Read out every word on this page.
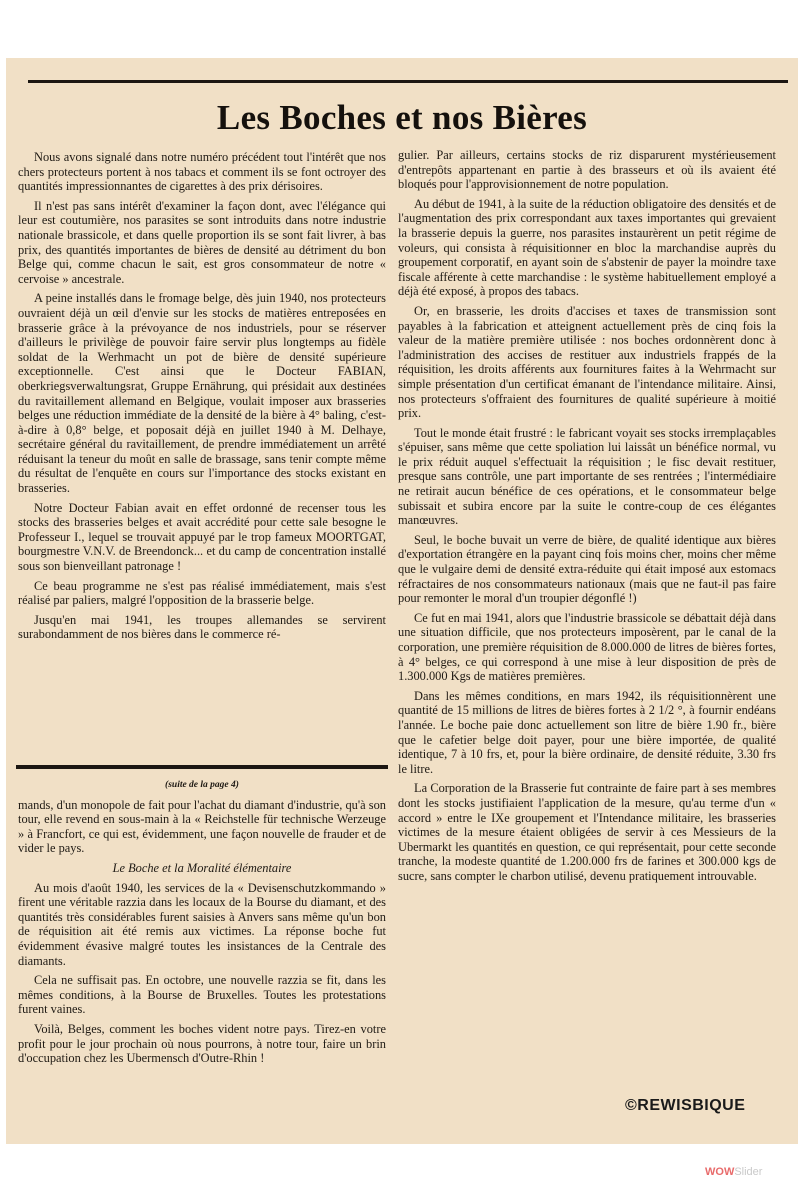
Les Boches et nos Bières

Nous avons signalé dans notre numéro précédent tout l'intérêt que nos chers protecteurs portent à nos tabacs et comment ils se font octroyer des quantités impressionnantes de cigarettes à des prix dérisoires.

Il n'est pas sans intérêt d'examiner la façon dont, avec l'élégance qui leur est coutumière, nos parasites se sont introduits dans notre industrie nationale brassicole, et dans quelle proportion ils se sont fait livrer, à bas prix, des quantités importantes de bières de densité au détriment du bon Belge qui, comme chacun le sait, est gros consommateur de notre « cervoise » ancestrale.

A peine installés dans le fromage belge, dès juin 1940, nos protecteurs ouvraient déjà un œil d'envie sur les stocks de matières entreposées en brasserie grâce à la prévoyance de nos industriels, pour se réserver d'ailleurs le privilège de pouvoir faire servir plus longtemps au fidèle soldat de la Werhmacht un pot de bière de densité supérieure exceptionnelle. C'est ainsi que le Docteur FABIAN, oberkriegsverwaltungsrat, Gruppe Ernährung, qui présidait aux destinées du ravitaillement allemand en Belgique, voulait imposer aux brasseries belges une réduction immédiate de la densité de la bière à 4° baling, c'est-à-dire à 0,8° belge, et poposait déjà en juillet 1940 à M. Delhaye, secrétaire général du ravitaillement, de prendre immédiatement un arrêté réduisant la teneur du moût en salle de brassage, sans tenir compte même du résultat de l'enquête en cours sur l'importance des stocks existant en brasseries.

Notre Docteur Fabian avait en effet ordonné de recenser tous les stocks des brasseries belges et avait accrédité pour cette sale besogne le Professeur I., lequel se trouvait appuyé par le trop fameux MOORTGAT, bourgmestre V.N.V. de Breendonck... et du camp de concentration installé sous son bienveillant patronage !

Ce beau programme ne s'est pas réalisé immédiatement, mais s'est réalisé par paliers, malgré l'opposition de la brasserie belge.

Jusqu'en mai 1941, les troupes allemandes se servirent surabondamment de nos bières dans le commerce ré-

(suite de la page 4)

mands, d'un monopole de fait pour l'achat du diamant d'industrie, qu'à son tour, elle revend en sous-main à la « Reichstelle für technische Werzeuge » à Francfort, ce qui est, évidemment, une façon nouvelle de frauder et de vider le pays.

Le Boche et la Moralité élémentaire

Au mois d'août 1940, les services de la « Devisenschutzkommando » firent une véritable razzia dans les locaux de la Bourse du diamant, et des quantités très considérables furent saisies à Anvers sans même qu'un bon de réquisition ait été remis aux victimes. La réponse boche fut évidemment évasive malgré toutes les insistances de la Centrale des diamants.

Cela ne suffisait pas. En octobre, une nouvelle razzia se fit, dans les mêmes conditions, à la Bourse de Bruxelles. Toutes les protestations furent vaines.

Voilà, Belges, comment les boches vident notre pays. Tirez-en votre profit pour le jour prochain où nous pourrons, à notre tour, faire un brin d'occupation chez les Ubermensch d'Outre-Rhin !

gulier. Par ailleurs, certains stocks de riz disparurent mystérieusement d'entrepôts appartenant en partie à des brasseurs et où ils avaient été bloqués pour l'approvisionnement de notre population.

Au début de 1941, à la suite de la réduction obligatoire des densités et de l'augmentation des prix correspondant aux taxes importantes qui grevaient la brasserie depuis la guerre, nos parasites instaurèrent un petit régime de voleurs, qui consista à réquisitionner en bloc la marchandise auprès du groupement corporatif, en ayant soin de s'abstenir de payer la moindre taxe fiscale afférente à cette marchandise : le système habituellement employé a déjà été exposé, à propos des tabacs.

Or, en brasserie, les droits d'accises et taxes de transmission sont payables à la fabrication et atteignent actuellement près de cinq fois la valeur de la matière première utilisée : nos boches ordonnèrent donc à l'administration des accises de restituer aux industriels frappés de la réquisition, les droits afférents aux fournitures faites à la Wehrmacht sur simple présentation d'un certificat émanant de l'intendance militaire. Ainsi, nos protecteurs s'offraient des fournitures de qualité supérieure à moitié prix.

Tout le monde était frustré : le fabricant voyait ses stocks irremplaçables s'épuiser, sans même que cette spoliation lui laissât un bénéfice normal, vu le prix réduit auquel s'effectuait la réquisition ; le fisc devait restituer, presque sans contrôle, une part importante de ses rentrées ; l'intermédiaire ne retirait aucun bénéfice de ces opérations, et le consommateur belge subissait et subira encore par la suite le contre-coup de ces élégantes manœuvres.

Seul, le boche buvait un verre de bière, de qualité identique aux bières d'exportation étrangère en la payant cinq fois moins cher, moins cher même que le vulgaire demi de densité extra-réduite qui était imposé aux estomacs réfractaires de nos consommateurs nationaux (mais que ne faut-il pas faire pour remonter le moral d'un troupier dégonflé !)

Ce fut en mai 1941, alors que l'industrie brassicole se débattait déjà dans une situation difficile, que nos protecteurs imposèrent, par le canal de la corporation, une première réquisition de 8.000.000 de litres de bières fortes, à 4° belges, ce qui correspond à une mise à leur disposition de près de 1.300.000 Kgs de matières premières.

Dans les mêmes conditions, en mars 1942, ils réquisitionnèrent une quantité de 15 millions de litres de bières fortes à 2 1/2 °, à fournir endéans l'année. Le boche paie donc actuellement son litre de bière 1.90 fr., bière que le cafetier belge doit payer, pour une bière importée, de qualité identique, 7 à 10 frs, et, pour la bière ordinaire, de densité réduite, 3.30 frs le litre.

La Corporation de la Brasserie fut contrainte de faire part à ses membres dont les stocks justifiaient l'application de la mesure, qu'au terme d'un « accord » entre le IXe groupement et l'Intendance militaire, les brasseries victimes de la mesure étaient obligées de servir à ces Messieurs de la Ubermarkt les quantités en question, ce qui représentait, pour cette seconde tranche, la modeste quantité de 1.200.000 frs de farines et 300.000 kgs de sucre, sans compter le charbon utilisé, devenu pratiquement introuvable.

©REWISBIQUE
WOWSlider
